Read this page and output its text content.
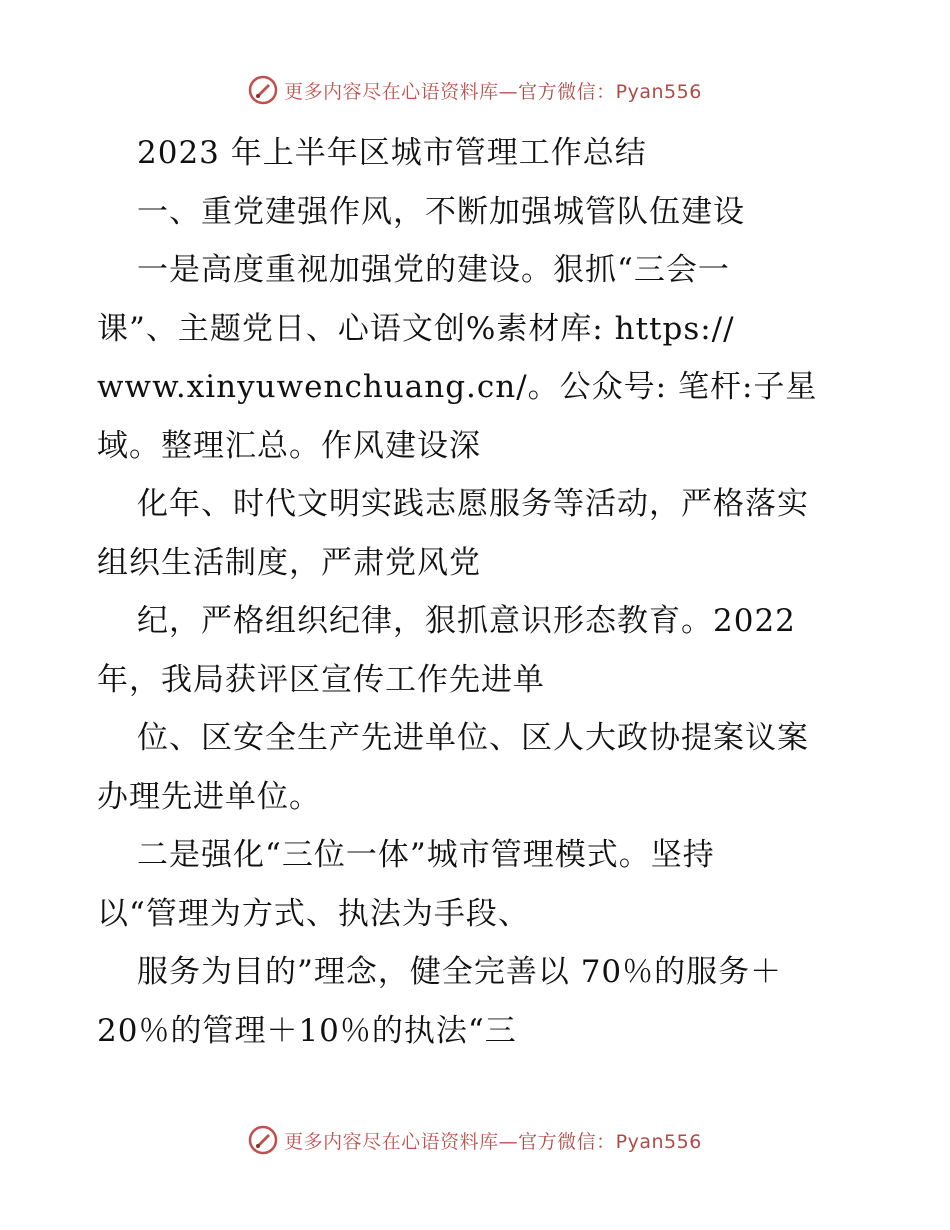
更多内容尽在心语资料库—官方微信：Pyan556
2023 年上半年区城市管理工作总结
一、重党建强作风，不断加强城管队伍建设
一是高度重视加强党的建设。狠抓“三会一
课”、主题党日、心语文创%素材库: https://
www.xinyuwenchuang.cn/。公众号: 笔杆:子星
域。整理汇总。作风建设深
化年、时代文明实践志愿服务等活动，严格落实
组织生活制度，严肃党风党
纪，严格组织纪律，狠抓意识形态教育。2022
年，我局获评区宣传工作先进单
位、区安全生产先进单位、区人大政协提案议案
办理先进单位。
二是强化“三位一体”城市管理模式。坚持
以“管理为方式、执法为手段、
服务为目的”理念，健全完善以 70％的服务＋
20％的管理＋10％的执法“三
更多内容尽在心语资料库—官方微信：Pyan556
